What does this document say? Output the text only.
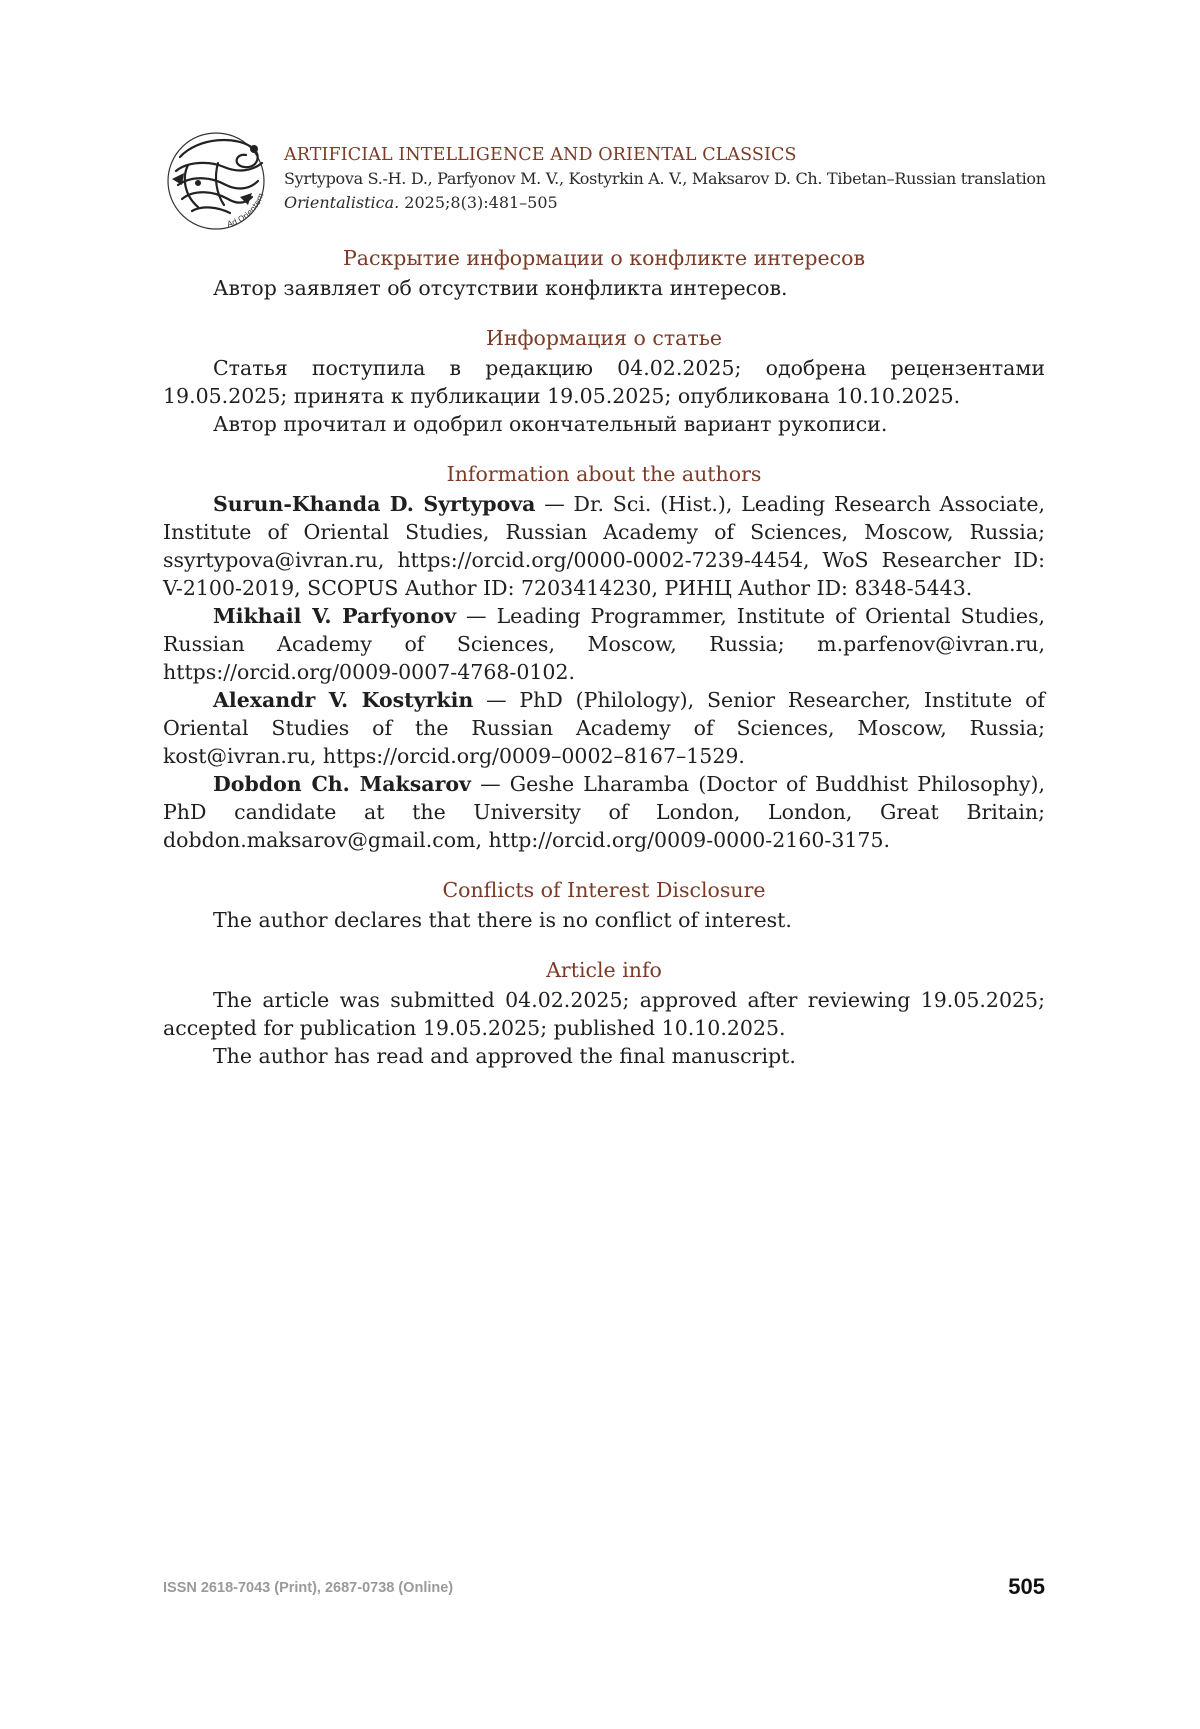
Ad Orientem
ARTIFICIAL INTELLIGENCE AND ORIENTAL CLASSICS
Syrtypova S.-H. D., Parfyonov M. V., Kostyrkin A. V., Maksarov D. Ch. Tibetan–Russian translation
Orientalistica. 2025;8(3):481–505
Раскрытие информации о конфликте интересов

Автор заявляет об отсутствии конфликта интересов.

Информация о статье

Статья поступила в редакцию 04.02.2025; одобрена рецензентами 19.05.2025; принята к публикации 19.05.2025; опубликована 10.10.2025.

Автор прочитал и одобрил окончательный вариант рукописи.

Information about the authors

Surun-Khanda D. Syrtypova — Dr. Sci. (Hist.), Leading Research Associate, Institute of Oriental Studies, Russian Academy of Sciences, Moscow, Russia; ssyrtypova@ivran.ru, https://orcid.org/0000-0002-7239-4454, WoS Researcher ID: V-2100-2019, SCOPUS Author ID: 7203414230, РИНЦ Author ID: 8348-5443.

Mikhail V. Parfyonov — Leading Programmer, Institute of Oriental Studies, Russian Academy of Sciences, Moscow, Russia; m.parfenov@ivran.ru, https://orcid.org/0009-0007-4768-0102.

Alexandr V. Kostyrkin — PhD (Philology), Senior Researcher, Institute of Oriental Studies of the Russian Academy of Sciences, Moscow, Russia; kost@ivran.ru, https://orcid.org/0009–0002–8167–1529.

Dobdon Ch. Maksarov — Geshe Lharamba (Doctor of Buddhist Philosophy), PhD candidate at the University of London, London, Great Britain; dobdon.maksarov@gmail.com, http://orcid.org/0009-0000-2160-3175.

Conflicts of Interest Disclosure

The author declares that there is no conflict of interest.

Article info

The article was submitted 04.02.2025; approved after reviewing 19.05.2025; accepted for publication 19.05.2025; published 10.10.2025.

The author has read and approved the final manuscript.

ISSN 2618-7043 (Print), 2687-0738 (Online)	505
